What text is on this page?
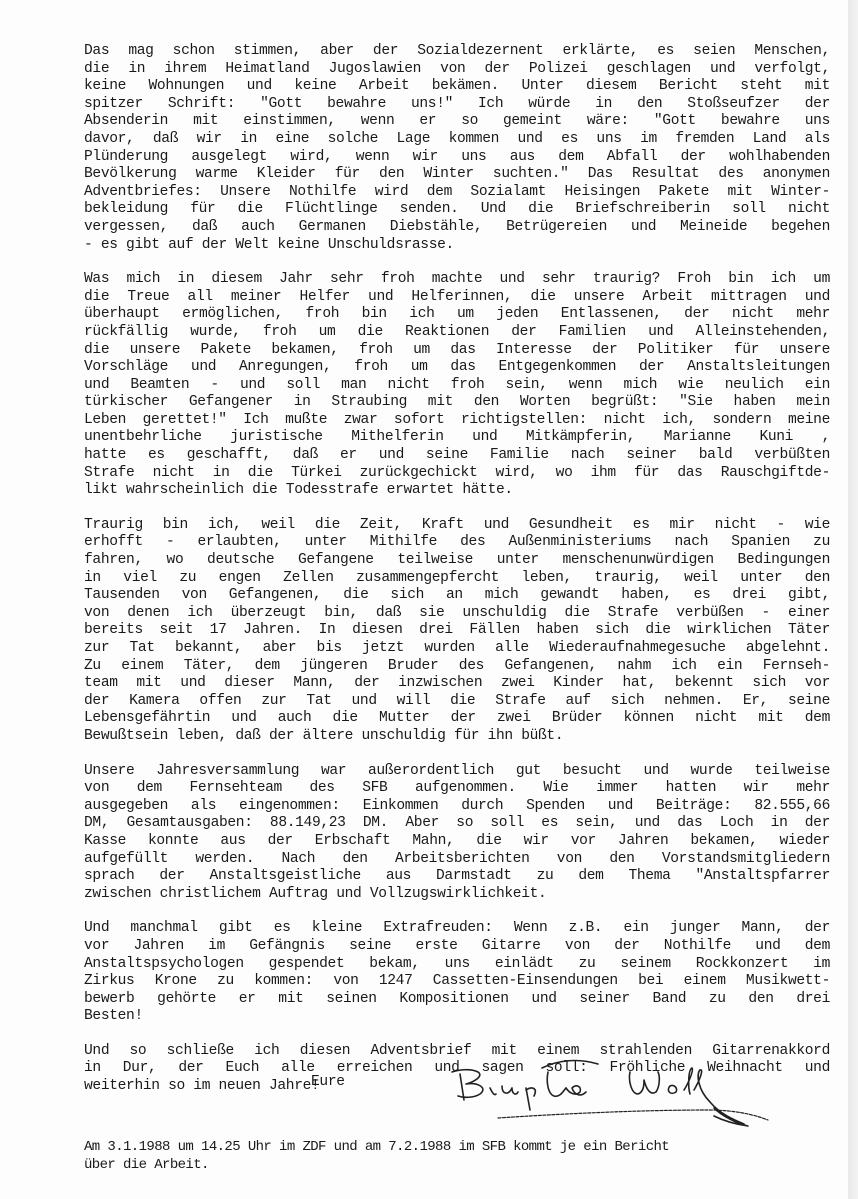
Das mag schon stimmen, aber der Sozialdezernent erklärte, es seien Menschen,
die in ihrem Heimatland Jugoslawien von der Polizei geschlagen und verfolgt,
keine Wohnungen und keine Arbeit bekämen. Unter diesem Bericht steht mit
spitzer Schrift: "Gott bewahre uns!" Ich würde in den Stoßseufzer der
Absenderin mit einstimmen, wenn er so gemeint wäre: "Gott bewahre uns
davor, daß wir in eine solche Lage kommen und es uns im fremden Land als
Plünderung ausgelegt wird, wenn wir uns aus dem Abfall der wohlhabenden
Bevölkerung warme Kleider für den Winter suchten." Das Resultat des anonymen
Adventbriefes: Unsere Nothilfe wird dem Sozialamt Heisingen Pakete mit Winter-
bekleidung für die Flüchtlinge senden. Und die Briefschreiberin soll nicht
vergessen, daß auch Germanen Diebstähle, Betrügereien und Meineide begehen
- es gibt auf der Welt keine Unschuldsrasse.

Was mich in diesem Jahr sehr froh machte und sehr traurig? Froh bin ich um
die Treue all meiner Helfer und Helferinnen, die unsere Arbeit mittragen und
überhaupt ermöglichen, froh bin ich um jeden Entlassenen, der nicht mehr
rückfällig wurde, froh um die Reaktionen der Familien und Alleinstehenden,
die unsere Pakete bekamen, froh um das Interesse der Politiker für unsere
Vorschläge und Anregungen, froh um das Entgegenkommen der Anstaltsleitungen
und Beamten - und soll man nicht froh sein, wenn mich wie neulich ein
türkischer Gefangener in Straubing mit den Worten begrüßt: "Sie haben mein
Leben gerettet!" Ich mußte zwar sofort richtigstellen: nicht ich, sondern meine
unentbehrliche juristische Mithelferin und Mitkämpferin, Marianne Kuni ,
hatte es geschafft, daß er und seine Familie nach seiner bald verbüßten
Strafe nicht in die Türkei zurückgechickt wird, wo ihm für das Rauschgiftde-
likt wahrscheinlich die Todesstrafe erwartet hätte.

Traurig bin ich, weil die Zeit, Kraft und Gesundheit es mir nicht - wie
erhofft - erlaubten, unter Mithilfe des Außenministeriums nach Spanien zu
fahren, wo deutsche Gefangene teilweise unter menschenunwürdigen Bedingungen
in viel zu engen Zellen zusammengepfercht leben, traurig, weil unter den
Tausenden von Gefangenen, die sich an mich gewandt haben, es drei gibt,
von denen ich überzeugt bin, daß sie unschuldig die Strafe verbüßen - einer
bereits seit 17 Jahren. In diesen drei Fällen haben sich die wirklichen Täter
zur Tat bekannt, aber bis jetzt wurden alle Wiederaufnahmegesuche abgelehnt.
Zu einem Täter, dem jüngeren Bruder des Gefangenen, nahm ich ein Fernseh-
team mit und dieser Mann, der inzwischen zwei Kinder hat, bekennt sich vor
der Kamera offen zur Tat und will die Strafe auf sich nehmen. Er, seine
Lebensgefährtin und auch die Mutter der zwei Brüder können nicht mit dem
Bewußtsein leben, daß der ältere unschuldig für ihn büßt.

Unsere Jahresversammlung war außerordentlich gut besucht und wurde teilweise
von dem Fernsehteam des SFB aufgenommen. Wie immer hatten wir mehr
ausgegeben als eingenommen: Einkommen durch Spenden und Beiträge: 82.555,66
DM, Gesamtausgaben: 88.149,23 DM. Aber so soll es sein, und das Loch in der
Kasse konnte aus der Erbschaft Mahn, die wir vor Jahren bekamen, wieder
aufgefüllt werden. Nach den Arbeitsberichten von den Vorstandsmitgliedern
sprach der Anstaltsgeistliche aus Darmstadt zu dem Thema "Anstaltspfarrer
zwischen christlichem Auftrag und Vollzugswirklichkeit.

Und manchmal gibt es kleine Extrafreuden: Wenn z.B. ein junger Mann, der
vor Jahren im Gefängnis seine erste Gitarre von der Nothilfe und dem
Anstaltspsychologen gespendet bekam, uns einlädt zu seinem Rockkonzert im
Zirkus Krone zu kommen: von 1247 Cassetten-Einsendungen bei einem Musikwett-
bewerb gehörte er mit seinen Kompositionen und seiner Band zu den drei
Besten!

Und so schließe ich diesen Adventsbrief mit einem strahlenden Gitarrenakkord
in Dur, der Euch alle erreichen und sagen soll: Fröhliche Weihnacht und
weiterhin so im neuen Jahre!

Eure
Am 3.1.1988 um 14.25 Uhr im ZDF und am 7.2.1988 im SFB kommt je ein Bericht
über die Arbeit.
